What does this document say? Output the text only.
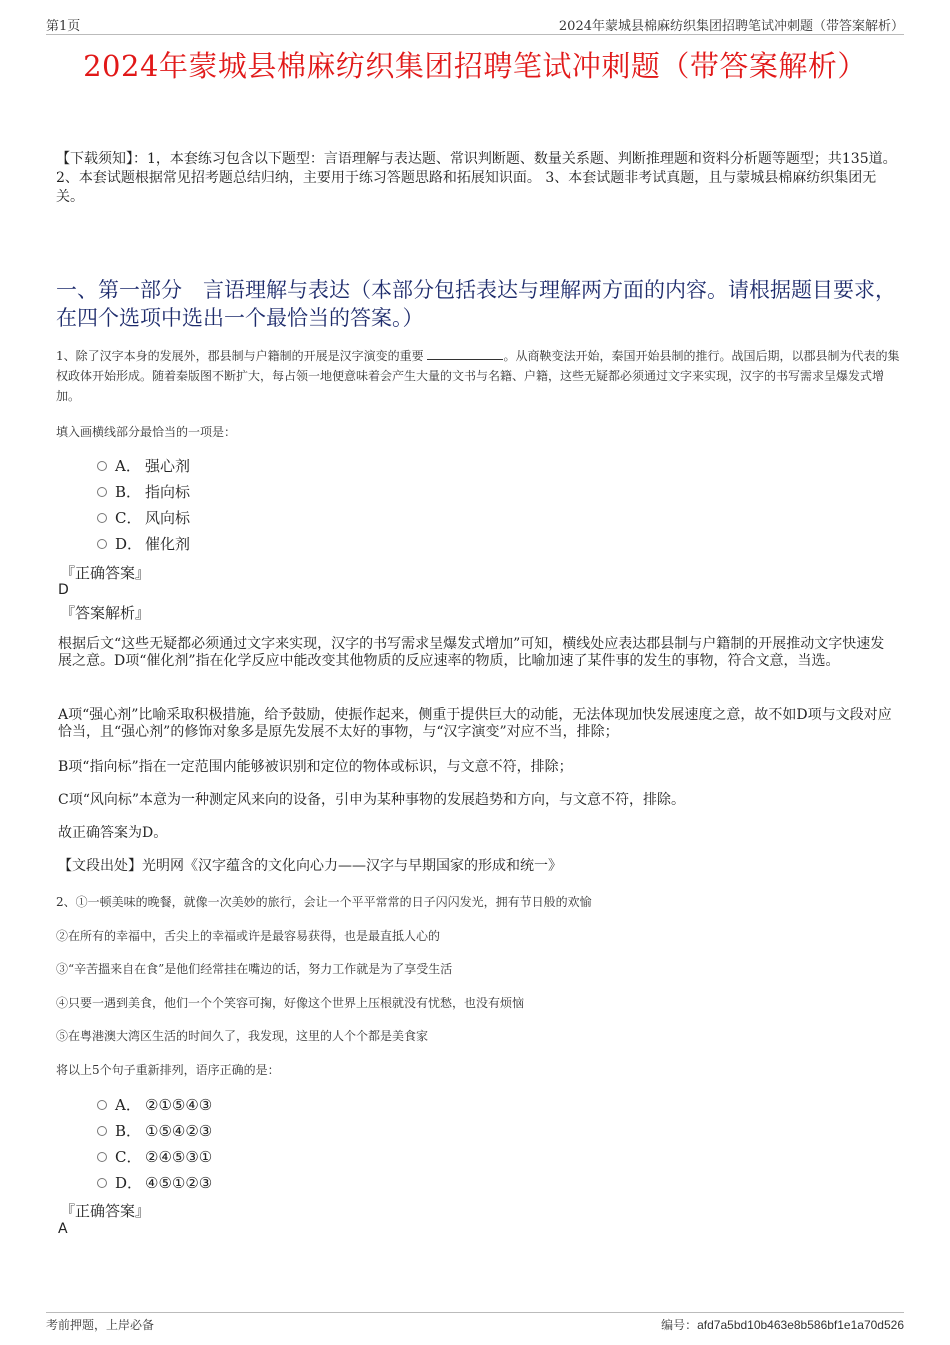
第1页	2024年蒙城县棉麻纺织集团招聘笔试冲刺题（带答案解析）
2024年蒙城县棉麻纺织集团招聘笔试冲刺题（带答案解析）
【下载须知】：1，本套练习包含以下题型：言语理解与表达题、常识判断题、数量关系题、判断推理题和资料分析题等题型；共135道。 2、本套试题根据常见招考题总结归纳，主要用于练习答题思路和拓展知识面。 3、本套试题非考试真题，且与蒙城县棉麻纺织集团无关。
一、第一部分　言语理解与表达（本部分包括表达与理解两方面的内容。请根据题目要求，在四个选项中选出一个最恰当的答案。）
1、除了汉字本身的发展外，郡县制与户籍制的开展是汉字演变的重要	。从商鞅变法开始，秦国开始县制的推行。战国后期，以郡县制为代表的集权政体开始形成。随着秦版图不断扩大，每占领一地便意味着会产生大量的文书与名籍、户籍，这些无疑都必须通过文字来实现，汉字的书写需求呈爆发式增加。
填入画横线部分最恰当的一项是：
A． 强心剂
B． 指向标
C． 风向标
D． 催化剂
『正确答案』
D
『答案解析』
根据后文“这些无疑都必须通过文字来实现，汉字的书写需求呈爆发式增加”可知，横线处应表达郡县制与户籍制的开展推动文字快速发展之意。D项“催化剂”指在化学反应中能改变其他物质的反应速率的物质，比喻加速了某件事的发生的事物，符合文意，当选。
A项“强心剂”比喻采取积极措施，给予鼓励，使振作起来，侧重于提供巨大的动能，无法体现加快发展速度之意，故不如D项与文段对应恰当，且“强心剂”的修饰对象多是原先发展不太好的事物，与“汉字演变”对应不当，排除；
B项“指向标”指在一定范围内能够被识别和定位的物体或标识，与文意不符，排除；
C项“风向标”本意为一种测定风来向的设备，引申为某种事物的发展趋势和方向，与文意不符，排除。
故正确答案为D。
【文段出处】光明网《汉字蕴含的文化向心力——汉字与早期国家的形成和统一》
2、①一顿美味的晚餐，就像一次美妙的旅行，会让一个平平常常的日子闪闪发光，拥有节日般的欢愉
②在所有的幸福中，舌尖上的幸福或许是最容易获得，也是最直抵人心的
③“辛苦搵来自在食”是他们经常挂在嘴边的话，努力工作就是为了享受生活
④只要一遇到美食，他们一个个笑容可掬，好像这个世界上压根就没有忧愁，也没有烦恼
⑤在粤港澳大湾区生活的时间久了，我发现，这里的人个个都是美食家
将以上5个句子重新排列，语序正确的是：
A． ②①⑤④③
B． ①⑤④②③
C． ②④⑤③①
D． ④⑤①②③
『正确答案』
A
考前押题，上岸必备	编号：afd7a5bd10b463e8b586bf1e1a70d526
